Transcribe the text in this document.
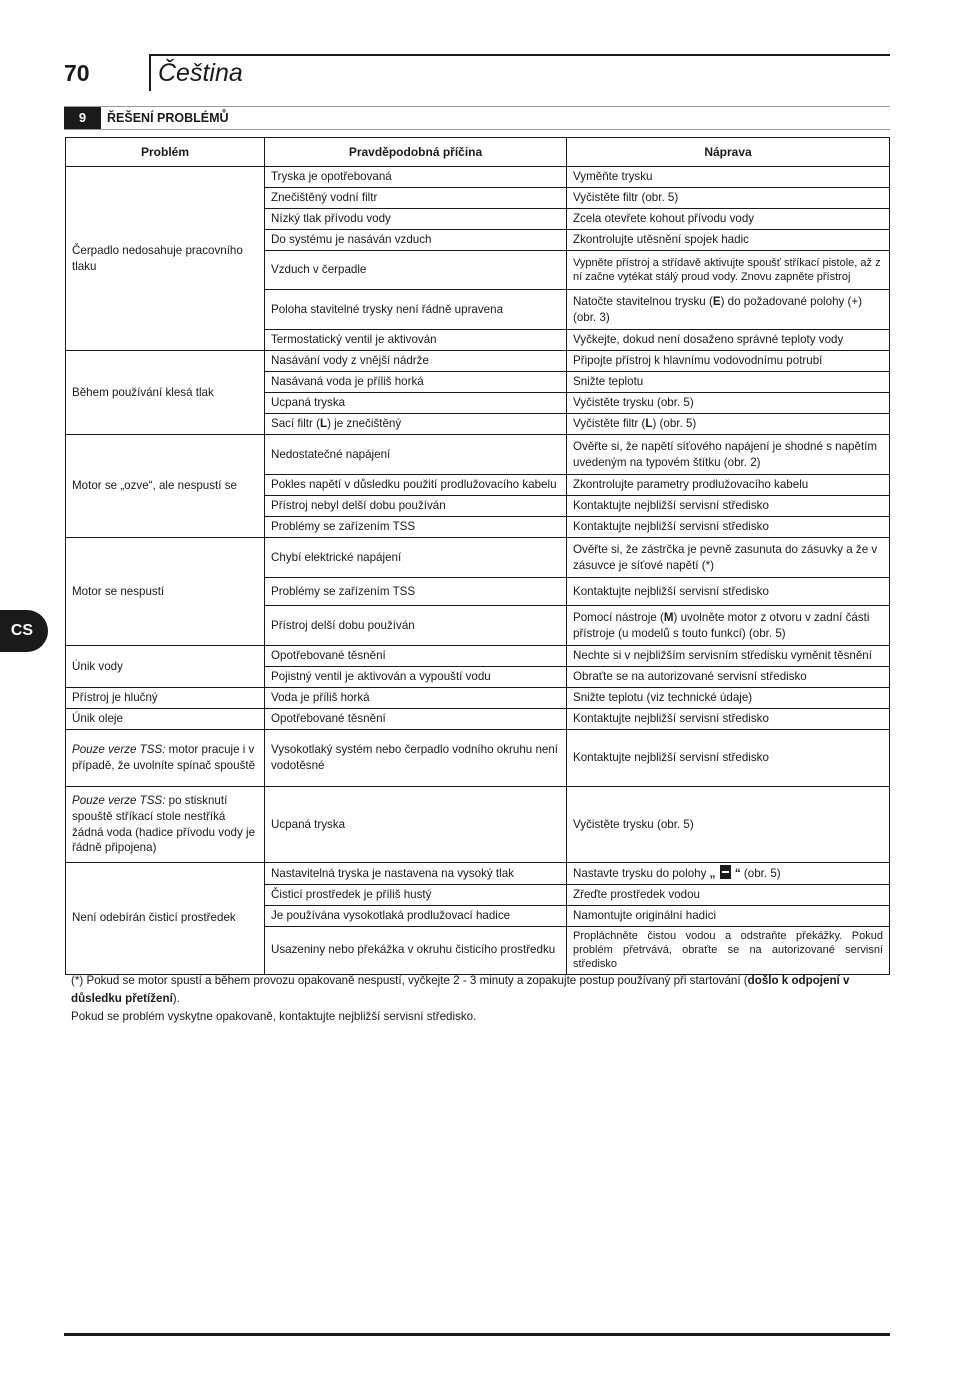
70	Čeština
9	ŘEŠENÍ PROBLÉMŮ
CS
Problém	Pravděpodobná příčina	Náprava
Čerpadlo nedosahuje pracovního tlaku	Tryska je opotřebovaná	Vyměňte trysku
	Znečištěný vodní filtr	Vyčistěte filtr (obr. 5)
	Nízký tlak přívodu vody	Zcela otevřete kohout přívodu vody
	Do systému je nasáván vzduch	Zkontrolujte utěsnění spojek hadic
	Vzduch v čerpadle	Vypněte přístroj a střídavě aktivujte spoušť stříkací pistole, až z ní začne vytékat stálý proud vody. Znovu zapněte přístroj
	Poloha stavitelné trysky není řádně upravena	Natočte stavitelnou trysku (E) do požadované polohy (+) (obr. 3)
	Termostatický ventil je aktivován	Vyčkejte, dokud není dosaženo správné teploty vody
Během používání klesá tlak	Nasávání vody z vnější nádrže	Připojte přístroj k hlavnímu vodovodnímu potrubí
	Nasávaná voda je příliš horká	Snižte teplotu
	Ucpaná tryska	Vyčistěte trysku (obr. 5)
	Sací filtr (L) je znečištěný	Vyčistěte filtr (L) (obr. 5)
Motor se „ozve“, ale nespustí se	Nedostatečné napájení	Ověřte si, že napětí síťového napájení je shodné s napětím uvedeným na typovém štítku (obr. 2)
	Pokles napětí v důsledku použití prodlužovacího kabelu	Zkontrolujte parametry prodlužovacího kabelu
	Přístroj nebyl delší dobu používán	Kontaktujte nejbližší servisní středisko
	Problémy se zařízením TSS	Kontaktujte nejbližší servisní středisko
Motor se nespustí	Chybí elektrické napájení	Ověřte si, že zástrčka je pevně zasunuta do zásuvky a že v zásuvce je síťové napětí (*)
	Problémy se zařízením TSS	Kontaktujte nejbližší servisní středisko
	Přístroj delší dobu používán	Pomocí nástroje (M) uvolněte motor z otvoru v zadní části přístroje (u modelů s touto funkcí) (obr. 5)
Únik vody	Opotřebované těsnění	Nechte si v nejbližším servisním středisku vyměnit těsnění
	Pojistný ventil je aktivován a vypouští vodu	Obraťte se na autorizované servisní středisko
Přístroj je hlučný	Voda je příliš horká	Snižte teplotu (viz technické údaje)
Únik oleje	Opotřebované těsnění	Kontaktujte nejbližší servisní středisko
Pouze verze TSS: motor pracuje i v případě, že uvolníte spínač spouště	Vysokotlaký systém nebo čerpadlo vodního okruhu není vodotěsné	Kontaktujte nejbližší servisní středisko
Pouze verze TSS: po stisknutí spouště stříkací stole nestříká žádná voda (hadice přívodu vody je řádně připojena)	Ucpaná tryska	Vyčistěte trysku (obr. 5)
Není odebírán čisticí prostředek	Nastavitelná tryska je nastavena na vysoký tlak	Nastavte trysku do polohy „ “ (obr. 5)
	Čisticí prostředek je příliš hustý	Zřeďte prostředek vodou
	Je používána vysokotlaká prodlužovací hadice	Namontujte originální hadici
	Usazeniny nebo překážka v okruhu čisticího prostředku	Propláchněte čistou vodou a odstraňte překážky. Pokud problém přetrvává, obraťte se na autorizované servisní středisko

(*) Pokud se motor spustí a během provozu opakovaně nespustí, vyčkejte 2 - 3 minuty a zopakujte postup používaný při startování (došlo k odpojení v důsledku přetížení).

Pokud se problém vyskytne opakovaně, kontaktujte nejbližší servisní středisko.
